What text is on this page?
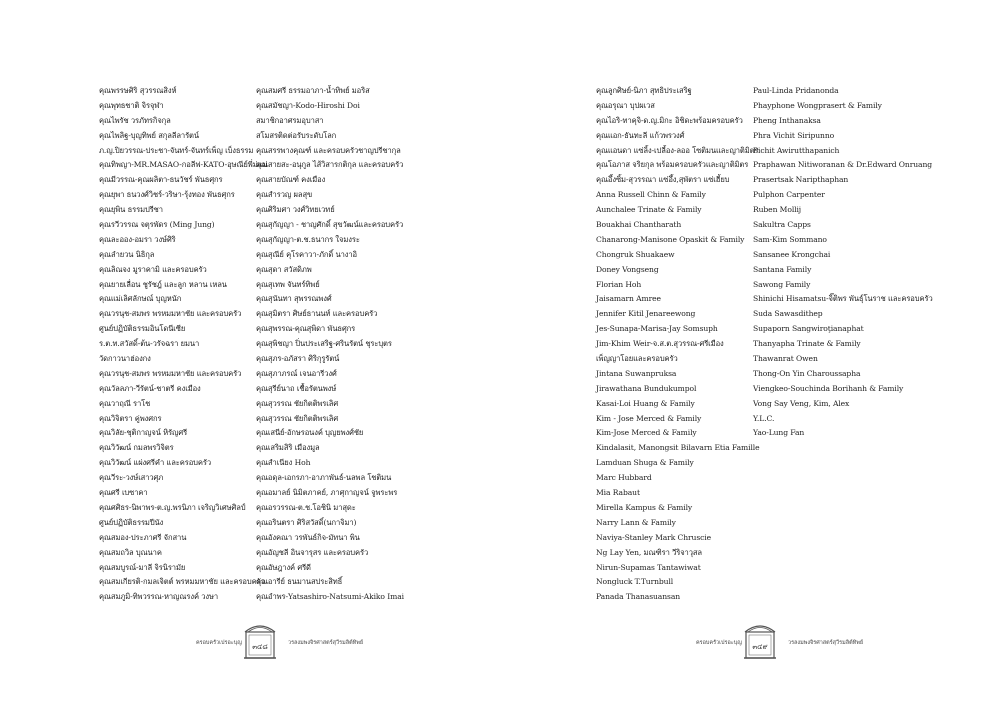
คุณพรรษศิริ สุวรรณสิงห์
คุณพุทธชาติ จิรจุฬา
คุณไพรัช วรภัทรกิจกุล
คุณไพลิฐ-บุญทิพย์ สกุลลีลารัตน์
ภ.ญ.ปิยวรรณ-ประชา-จันทร์-จันทร์เพ็ญ เบ็งธรรม
คุณทิพญา-MR.MASAO-กอลีฟ-KATO-อุษณีย์พี่ม่แม่
คุณมีวรรณ-คุณผลิตา-ธนวัชร์ พันธศุกร
คุณยุพา ธนวงศ์วิชร์-วริษา-รุ้งทอง พันธศุกร
คุณยุพิน ธรรมปรีชา
คุณรวีวรรณ จตุรพัดร (Ming Jung)
คุณละออง-อมรา วงษ์ศิริ
คุณลำยวน นิธิกุล
คุณลิณจง มูราคามิ และครอบครัว
คุณยายเลื่อน ชูรัชฎ์ และลูก หลาน เหลน
คุณแม่เลิศลักษณ์ บุญหนัก
คุณวรนุช-สมพร พรหมมหาชัย และครอบครัว
ศูนย์ปฏิบัติธรรมอินโดนีเซีย
ร.ต.ท.สวัสดิ์-ต้น-วรัจฉรา ยมนา
วัดกาวนาฮ่องกง
คุณวรนุช-สมพร พรหมมหาชัย และครอบครัว
คุณวัลลภา-วีรัตน์-ชาตรี คงเมือง
คุณวาฤณี ราโช
คุณวิจิตรา คู่พงศกร
คุณวิลัย-ชุติกาญจน์ หิรัญศรี
คุณวิวัฒน์ กมลพรวิจิตร
คุณวิวัฒน์ แผ่งศรีคำ และครอบครัว
คุณวีระ-วงษ์เสาวศุภ
คุณศรี เบซาคา
คุณศศิธร-นิพาพร-ต.ญ.พรนิภา เจริญวิเศษศิลป์
ศูนย์ปฏิบัติธรรมปีนัง
คุณสมอง-ประภาศรี จักสาน
คุณสมถวิล บุณนาค
คุณสมบูรณ์-มาลี จิรนิรามัย
คุณสมเกียรติ-กมลเจิตต์ พรหมมหาชัย และครอบครัว
คุณสมภูมิ-ทิพวรรณ-หาญณรงค์ วงษา
คุณสมศรี ธรรมอาภา-น้ำทิพย์ มอริส
คุณสมัชญา-Kodo-Hiroshi Doi
สมาชิกอาศรมอุบาสา
สโมสรติดต่อรับระดับโลก
คุณสรรพางคุณฑ์ และครอบครัวชาญปรีชากุล
คุณสายสะ-อนุกูล ไส้วิสารกติกุล และครอบครัว
คุณสายบัณฑ์ คงเมือง
คุณสำรวญ ผลสุข
คุณศิริมศา วงศ์วิทยเวทย์
คุณสุกัญญา - ชาญศักดิ์ สุขวัฒน์และครอบครัว
คุณสุกัญญา-ต.ช.ธนากร ใจมงระ
คุณสุณีย์ คุโรคาวา-ภักดิ์ นางาอิ
คุณสุดา สวัสดิภพ
คุณสุเทพ จันทร์ทิพย์
คุณสุนันทา สุพรรณพงศ์
คุณสุมิตรา ศิษย์ธานนท์ และครอบครัว
คุณสุพรรณ-คุณสุพิดา พันธศุกร
คุณสุพิชญา ปิ่นประเสริฐ-ศรินรัตน์ ชุระบุตร
คุณสุภร-อภัสรา ศิริกุรูรัตน์
คุณสุภาภรณ์ เจนอารีวงศ์
คุณสุรีย์นาถ เชื้อรัตนพงษ์
คุณสุวรรณ ชัยกิตติพรเลิศ
คุณสุวรรณ ชัยกิตติพรเลิศ
คุณเสนีย์-อักษรอนงค์ บุญยพงศ์ชัย
คุณเสริมสิริ เมืองมูล
คุณสำเนียง Hoh
คุณอดุล-เอกรภา-อาภาพันธ์-นลพล โชติมน
คุณอมาลย์ นิมิตภาคย์, ภาศุกาญจน์ จูพระพร
คุณอรวรรณ-ต.ช.โอชินิ มาสุดะ
คุณอรินตรา ศิริสวัสดิ์(นกาจิมา)
คุณอังคณา วรพันธ์กิจ-มัทนา พิน
คุณอัญชลี อินจารุสร และครอบครัว
คุณอัษฎางค์ ศรีดี
คุณอารีย์ ธนมานสประสิทธิ์
คุณอำพร-Yatsashiro-Natsumi-Akiko Imai
ครอบครัวเปรอะบุญ ๓๔๘	วรลงมพงจิรศาสตร์สุวีรมลิต์ทิพย์
คุณลูกศิษย์-นิภา สุทธิประเสริฐ
คุณอรุณา บุปผเวส
คุณไอริ-ทาคุจิ-ด.ญ.มิกะ อิชิดะพร้อมครอบครัว
คุณแอก-ธันทะลี แก้วพรวงศ์
คุณแอนดา แซ่ลิ้ง-เปลี้อง-ลออ โซติมนและญาติมิตร
คุณโอภาส จริยกุล พร้อมครอบครัวและญาติมิตร
คุณอึ้งซิ้ม-สุวรรณา แซ่อึ้ง,สุพัตรา แซ่เฮี้ยบ
Anna Russell Chinn & Family
Aunchalee Trinate & Family
Bouakhai Chantharath
Chanarong-Manisone Opaskit & Family
Chongruk Shuakaew
Doney Vongseng
Florian Hoh
Jaisamarn Amree
Jennifer Kitil Jenareewong
Jes-Sunapa-Marisa-Jay Somsuph
Jim-Khim Weir-จ.ส.ต.สุวรรณ-ศรีเมือง
เพ็ญญาโอยและครอบครัว
Jintana Suwanpruksa
Jirawathana Bundukumpol
Kasai-Loi Huang & Family
Kim - Jose Merced & Family
Kim-Jose Merced & Family
Kindalasit, Manongsit Bilavarn Etia Famille
Lamduan Shuga & Family
Marc Hubbard
Mia Rabaut
Mirella Kampus & Family
Narry Lann & Family
Naviya-Stanley Mark Chruscie
Ng Lay Yen, มณฑิรา วีริจาวุสล
Nirun-Supamas Tantawiwat
Nongluck T.Turnbull
Panada Thanasuansan
Paul-Linda Pridanonda
Phayphone Wongprasert & Family
Pheng Inthanaksa
Phra Vichit Siripunno
Pichit Awirutthapanich
Praphawan Nitiworanan & Dr.Edward Onruang
Prasertsak Naripthaphan
Pulphon Carpenter
Ruben Mollij
Sakultra Capps
Sam-Kim Sommano
Sansanee Krongchai
Santana Family
Sawong Family
Shinichi Hisamatsu-จิ๊ติพร พันธุ์โนราช และครอบครัว
Suda Sawasdithep
Supaporn Sangwiroţianaphat
Thanyapha Trinate & Family
Thawanrat Owen
Thong-On Yin Charoussapha
Viengkeo-Souchinda Borihanh & Family
Vong Say Veng, Kim, Alex
Y.L.C.
Yao-Lung Fan
ครอบครัวเปรอะบุญ ๓๔๙	วรลงมพงจิรศาสตร์สุวีรมลิต์ทิพย์
